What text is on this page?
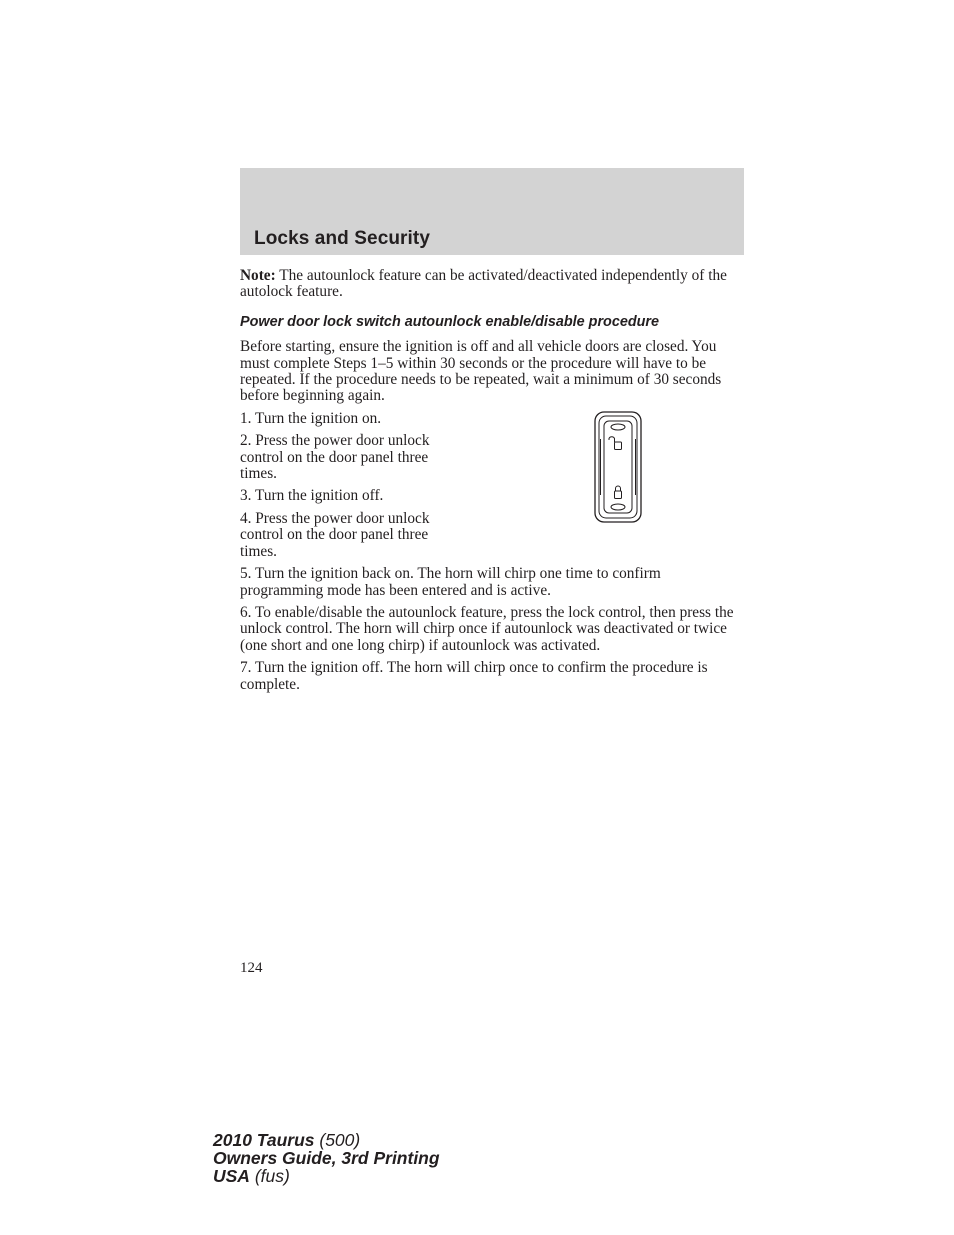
Locks and Security

Note: The autounlock feature can be activated/deactivated independently of the autolock feature.

Power door lock switch autounlock enable/disable procedure

Before starting, ensure the ignition is off and all vehicle doors are closed. You must complete Steps 1–5 within 30 seconds or the procedure will have to be repeated. If the procedure needs to be repeated, wait a minimum of 30 seconds before beginning again.

1. Turn the ignition on.

2. Press the power door unlock control on the door panel three times.

3. Turn the ignition off.

4. Press the power door unlock control on the door panel three times.

5. Turn the ignition back on. The horn will chirp one time to confirm programming mode has been entered and is active.

6. To enable/disable the autounlock feature, press the lock control, then press the unlock control. The horn will chirp once if autounlock was deactivated or twice (one short and one long chirp) if autounlock was activated.

7. Turn the ignition off. The horn will chirp once to confirm the procedure is complete.

124
2010 Taurus (500)
Owners Guide, 3rd Printing
USA (fus)
